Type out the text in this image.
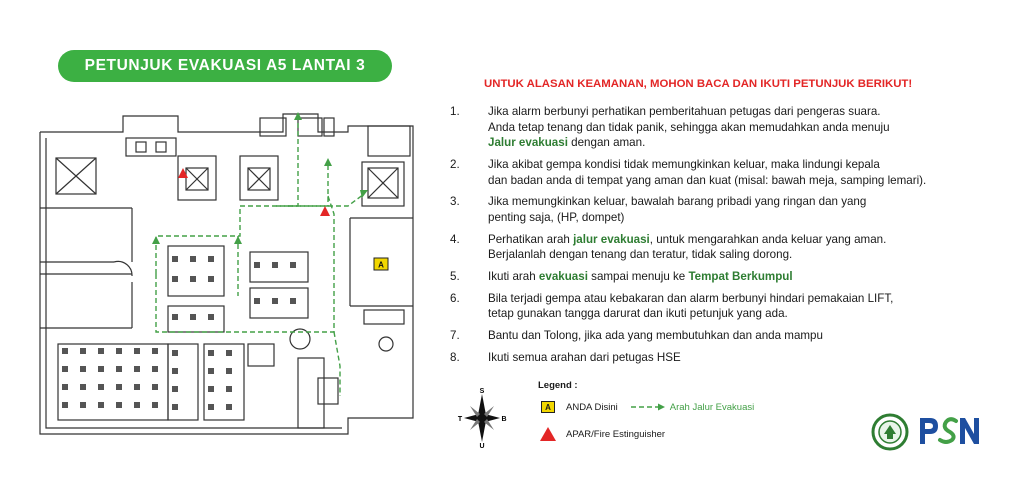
PETUNJUK EVAKUASI A5 LANTAI 3
A
UNTUK ALASAN KEAMANAN, MOHON BACA DAN IKUTI PETUNJUK BERIKUT!
1.	Jika alarm berbunyi perhatikan pemberitahuan petugas dari pengeras suara.
Anda tetap tenang dan tidak panik, sehingga akan memudahkan anda menuju
Jalur evakuasi dengan aman.
2.	Jika akibat gempa kondisi tidak memungkinkan keluar, maka lindungi kepala
dan badan anda di tempat yang aman dan kuat (misal: bawah meja, samping lemari).
3.	Jika memungkinkan keluar, bawalah barang pribadi yang ringan dan yang
penting saja, (HP, dompet)
4.	Perhatikan arah jalur evakuasi, untuk mengarahkan anda keluar yang aman.
Berjalanlah dengan tenang dan teratur, tidak saling dorong.
5.	Ikuti arah evakuasi sampai menuju ke Tempat Berkumpul
6.	Bila terjadi gempa atau kebakaran dan alarm berbunyi hindari pemakaian LIFT,
tetap gunakan tangga darurat dan ikuti petunjuk yang ada.
7.	Bantu dan Tolong, jika ada yang membutuhkan dan anda mampu
8.	Ikuti semua arahan dari petugas HSE
S
U
T	B
Legend :
A	ANDA Disini	Arah Jalur Evakuasi
APAR/Fire Estinguisher
